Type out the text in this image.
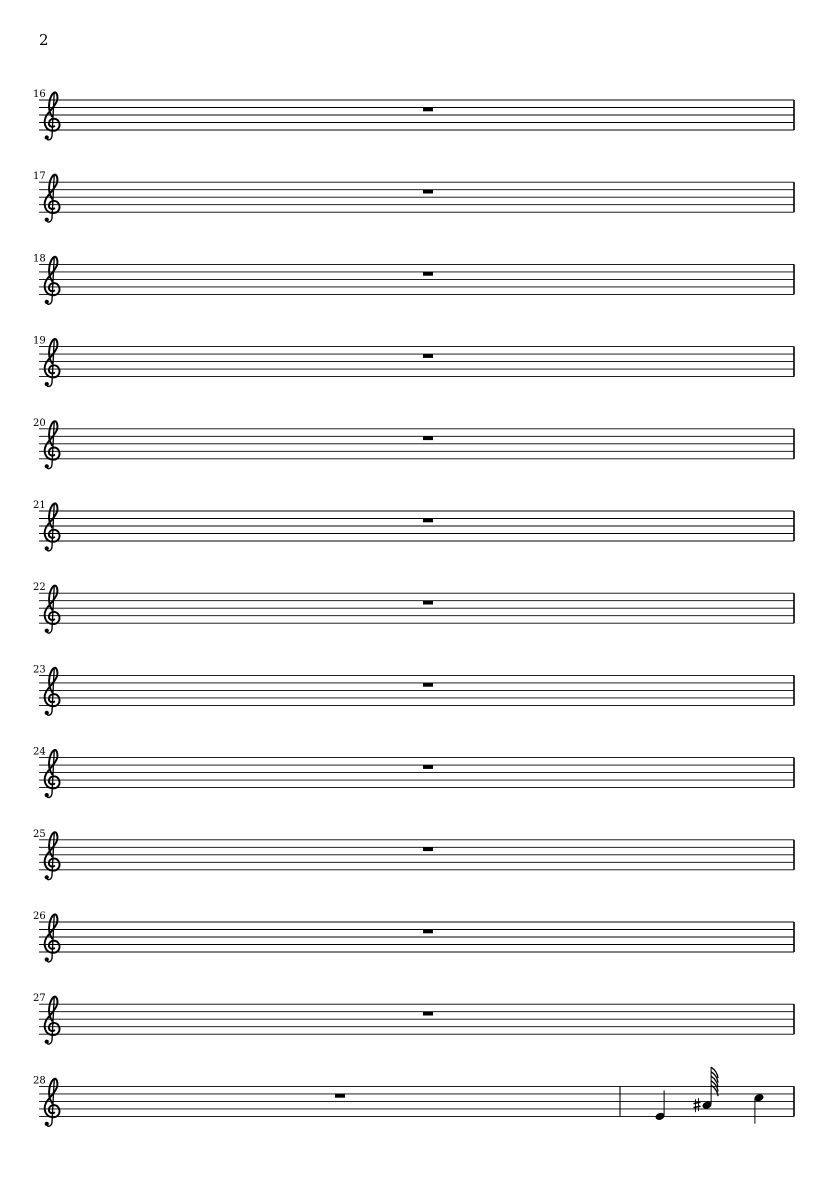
2
16
17
18
19
20
21
22
23
24
25
26
27
28
